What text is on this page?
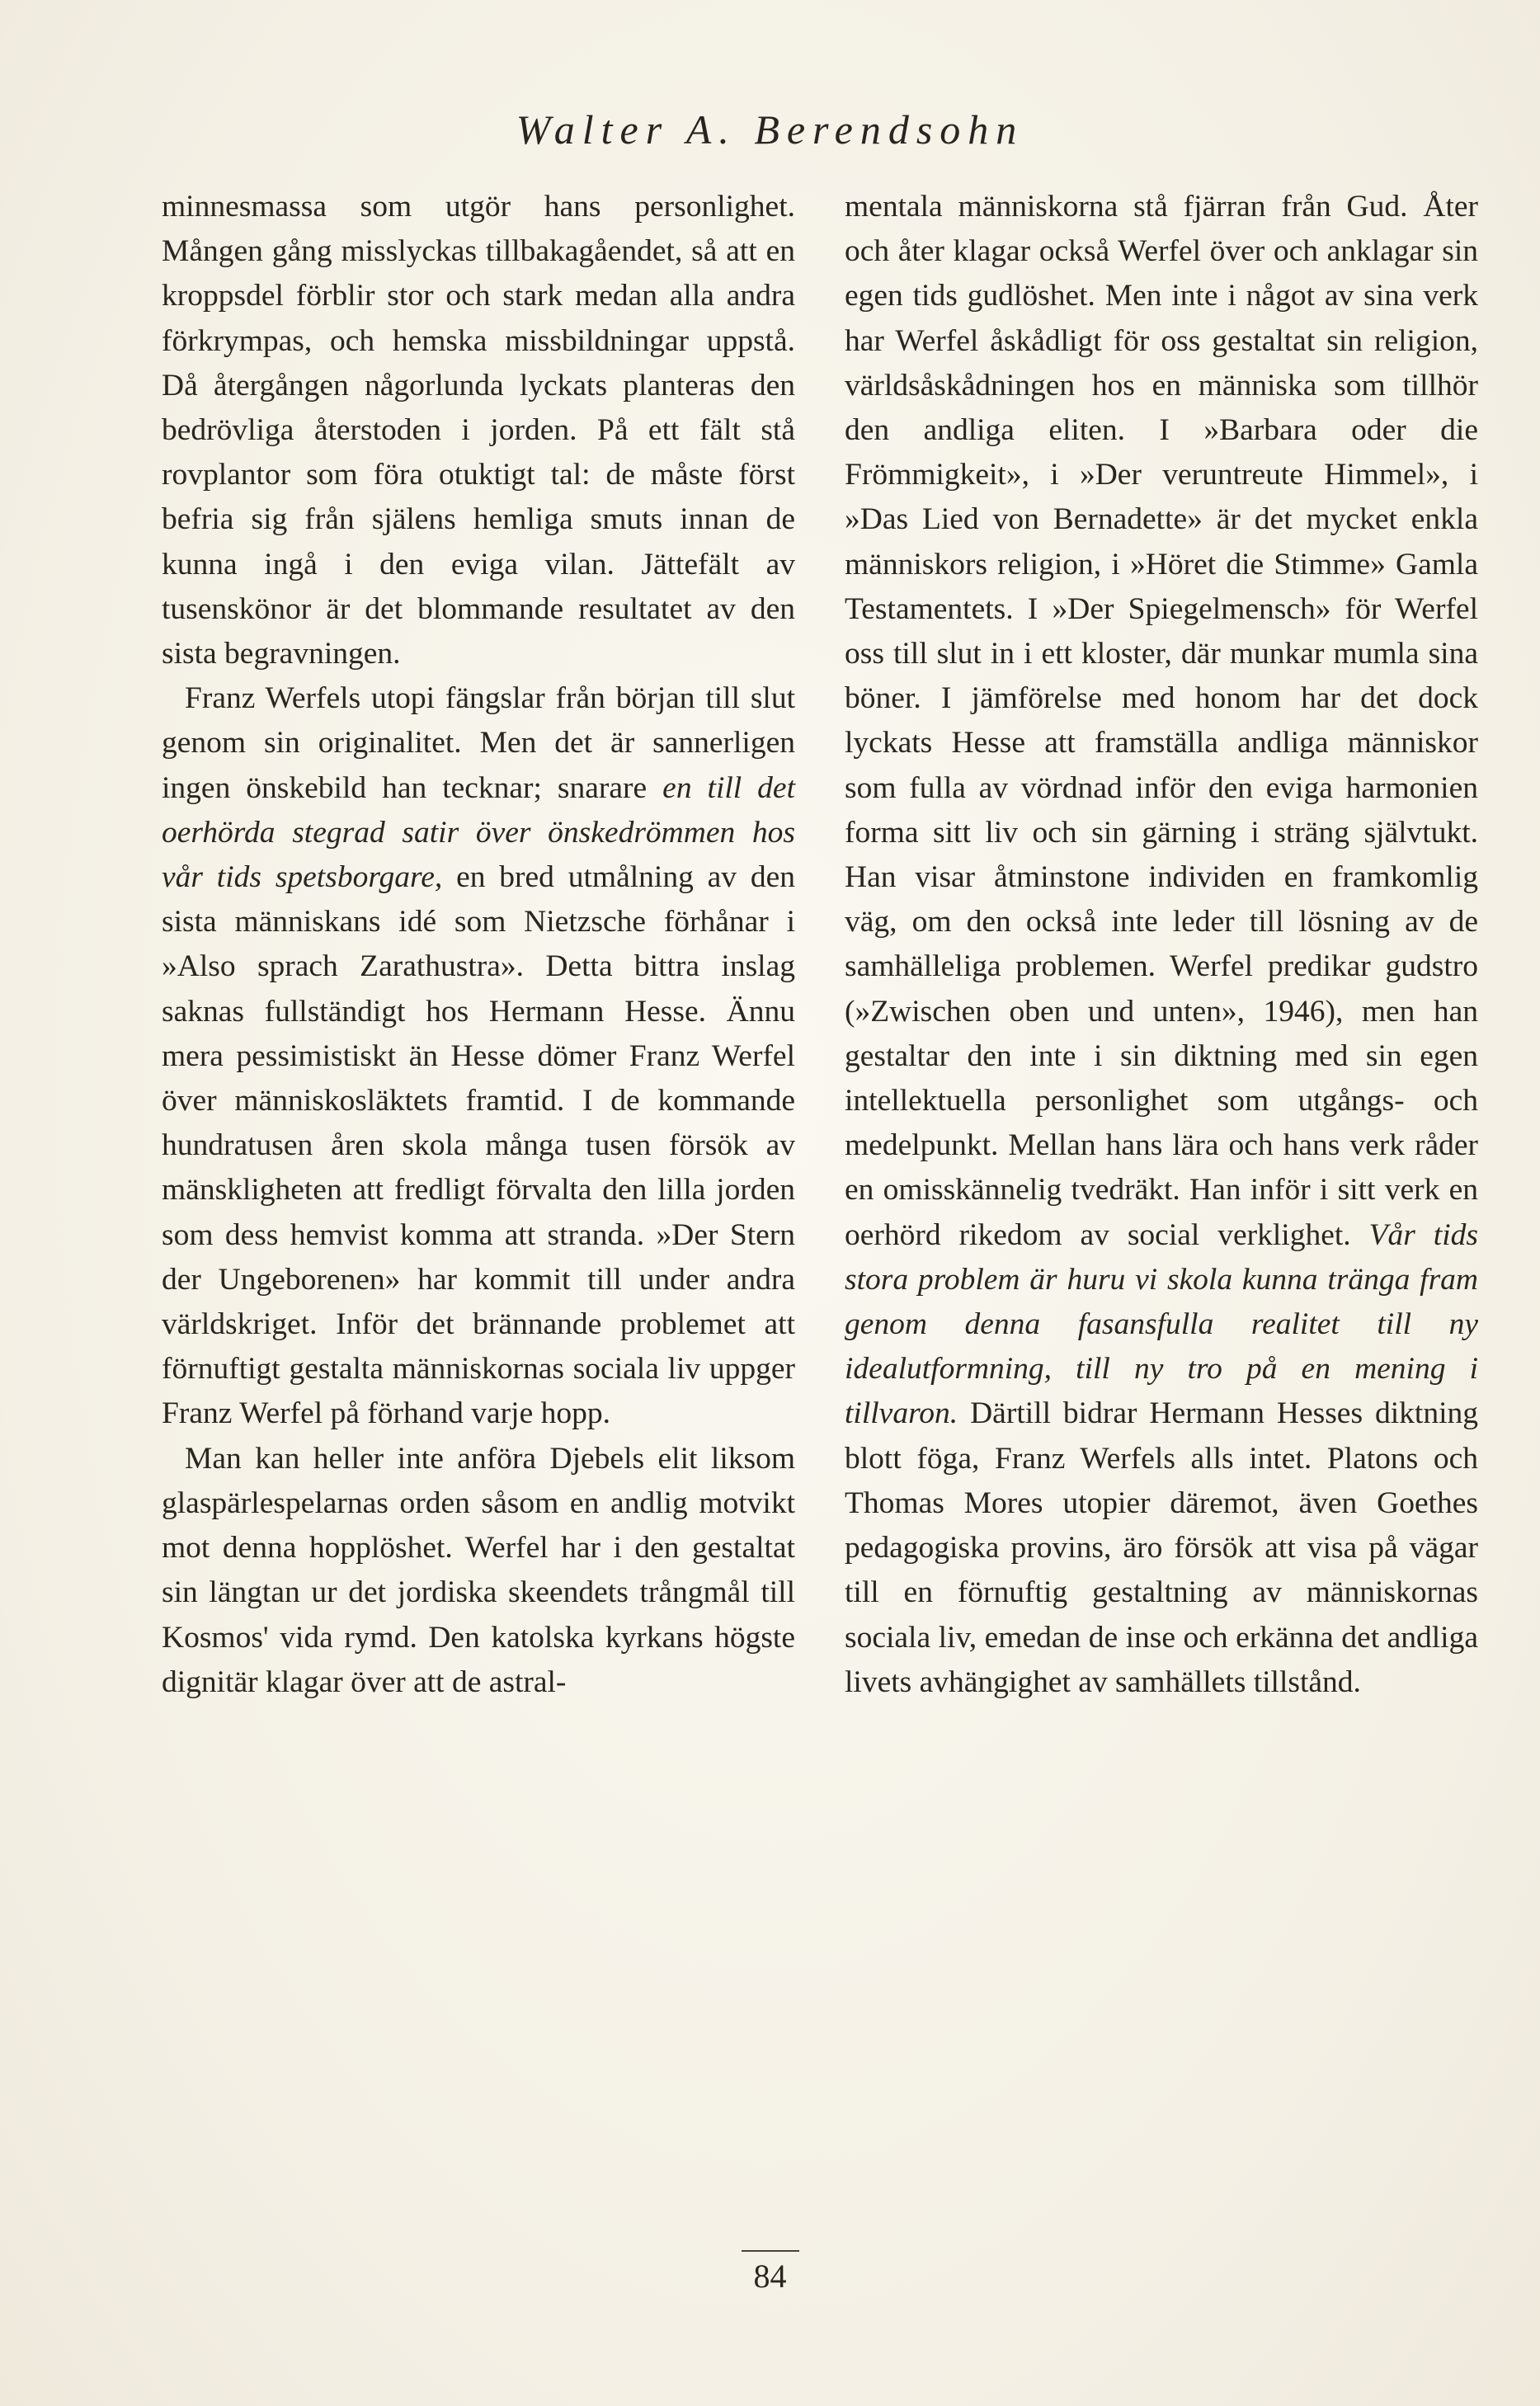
Walter A. Berendsohn

minnesmassa som utgör hans personlighet. Mången gång misslyckas tillbakagåendet, så att en kroppsdel förblir stor och stark medan alla andra förkrympas, och hemska missbildningar uppstå. Då återgången någorlunda lyckats planteras den bedrövliga återstoden i jorden. På ett fält stå rovplantor som föra otuktigt tal: de måste först befria sig från själens hemliga smuts innan de kunna ingå i den eviga vilan. Jättefält av tusenskönor är det blommande resultatet av den sista begravningen.

Franz Werfels utopi fängslar från början till slut genom sin originalitet. Men det är sannerligen ingen önskebild han tecknar; snarare en till det oerhörda stegrad satir över önskedrömmen hos vår tids spetsborgare, en bred utmålning av den sista människans idé som Nietzsche förhånar i »Also sprach Zarathustra». Detta bittra inslag saknas fullständigt hos Hermann Hesse. Ännu mera pessimistiskt än Hesse dömer Franz Werfel över människosläktets framtid. I de kommande hundratusen åren skola många tusen försök av mänskligheten att fredligt förvalta den lilla jorden som dess hemvist komma att stranda. »Der Stern der Ungeborenen» har kommit till under andra världskriget. Inför det brännande problemet att förnuftigt gestalta människornas sociala liv uppger Franz Werfel på förhand varje hopp.

Man kan heller inte anföra Djebels elit liksom glaspärlespelarnas orden såsom en andlig motvikt mot denna hopplöshet. Werfel har i den gestaltat sin längtan ur det jordiska skeendets trångmål till Kosmos' vida rymd. Den katolska kyrkans högste dignitär klagar över att de astral-

mentala människorna stå fjärran från Gud. Åter och åter klagar också Werfel över och anklagar sin egen tids gudlöshet. Men inte i något av sina verk har Werfel åskådligt för oss gestaltat sin religion, världsåskådningen hos en människa som tillhör den andliga eliten. I »Barbara oder die Frömmigkeit», i »Der veruntreute Himmel», i »Das Lied von Bernadette» är det mycket enkla människors religion, i »Höret die Stimme» Gamla Testamentets. I »Der Spiegelmensch» för Werfel oss till slut in i ett kloster, där munkar mumla sina böner. I jämförelse med honom har det dock lyckats Hesse att framställa andliga människor som fulla av vördnad inför den eviga harmonien forma sitt liv och sin gärning i sträng självtukt. Han visar åtminstone individen en framkomlig väg, om den också inte leder till lösning av de samhälleliga problemen. Werfel predikar gudstro (»Zwischen oben und unten», 1946), men han gestaltar den inte i sin diktning med sin egen intellektuella personlighet som utgångs- och medelpunkt. Mellan hans lära och hans verk råder en omisskännelig tvedräkt. Han inför i sitt verk en oerhörd rikedom av social verklighet. Vår tids stora problem är huru vi skola kunna tränga fram genom denna fasansfulla realitet till ny idealutformning, till ny tro på en mening i tillvaron. Därtill bidrar Hermann Hesses diktning blott föga, Franz Werfels alls intet. Platons och Thomas Mores utopier däremot, även Goethes pedagogiska provins, äro försök att visa på vägar till en förnuftig gestaltning av människornas sociala liv, emedan de inse och erkänna det andliga livets avhängighet av samhällets tillstånd.

84
